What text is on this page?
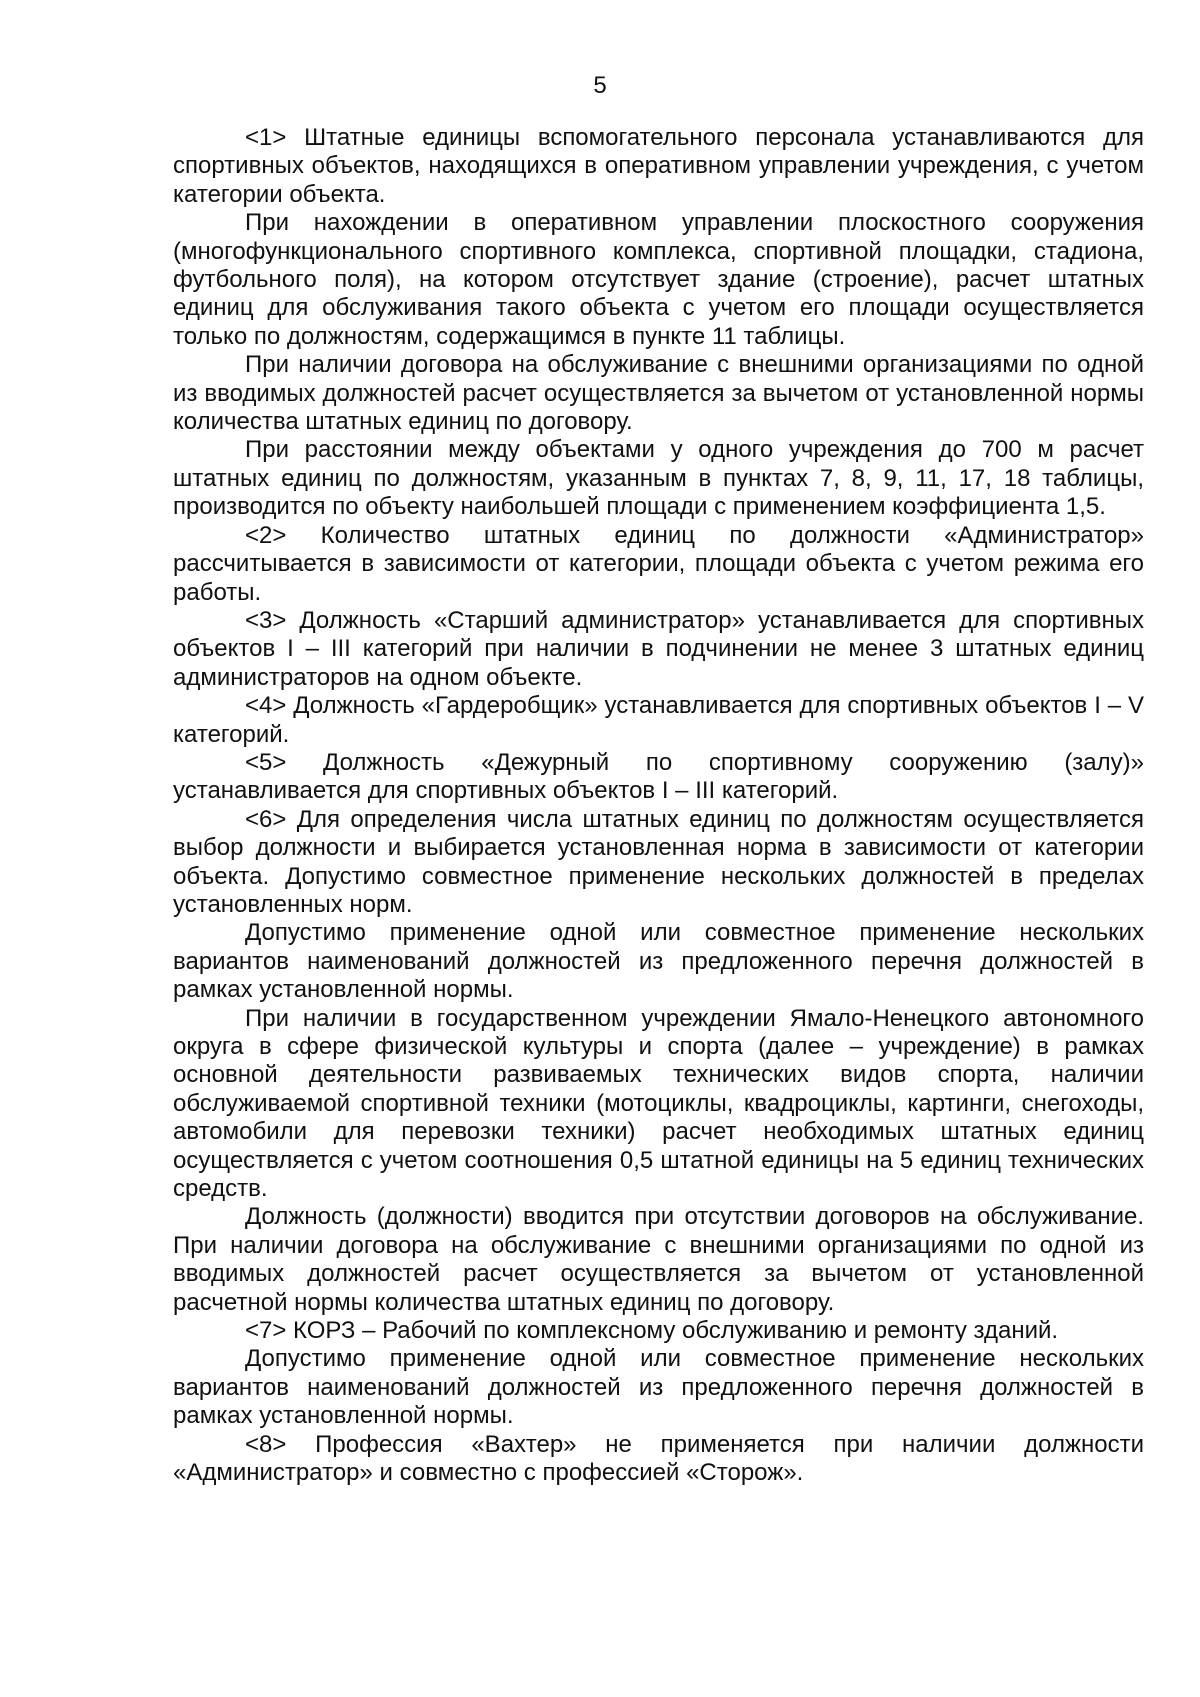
5

<1> Штатные единицы вспомогательного персонала устанавливаются для спортивных объектов, находящихся в оперативном управлении учреждения, с учетом категории объекта.

При нахождении в оперативном управлении плоскостного сооружения (многофункционального спортивного комплекса, спортивной площадки, стадиона, футбольного поля), на котором отсутствует здание (строение), расчет штатных единиц для обслуживания такого объекта с учетом его площади осуществляется только по должностям, содержащимся в пункте 11 таблицы.

При наличии договора на обслуживание с внешними организациями по одной из вводимых должностей расчет осуществляется за вычетом от установленной нормы количества штатных единиц по договору.

При расстоянии между объектами у одного учреждения до 700 м расчет штатных единиц по должностям, указанным в пунктах 7, 8, 9, 11, 17, 18 таблицы, производится по объекту наибольшей площади с применением коэффициента 1,5.

<2> Количество штатных единиц по должности «Администратор» рассчитывается в зависимости от категории, площади объекта с учетом режима его работы.

<3> Должность «Старший администратор» устанавливается для спортивных объектов I – III категорий при наличии в подчинении не менее 3 штатных единиц администраторов на одном объекте.

<4> Должность «Гардеробщик» устанавливается для спортивных объектов I – V категорий.

<5> Должность «Дежурный по спортивному сооружению (залу)» устанавливается для спортивных объектов I – III категорий.

<6> Для определения числа штатных единиц по должностям осуществляется выбор должности и выбирается установленная норма в зависимости от категории объекта. Допустимо совместное применение нескольких должностей в пределах установленных норм.

Допустимо применение одной или совместное применение нескольких вариантов наименований должностей из предложенного перечня должностей в рамках установленной нормы.

При наличии в государственном учреждении Ямало-Ненецкого автономного округа в сфере физической культуры и спорта (далее – учреждение) в рамках основной деятельности развиваемых технических видов спорта, наличии обслуживаемой спортивной техники (мотоциклы, квадроциклы, картинги, снегоходы, автомобили для перевозки техники) расчет необходимых штатных единиц осуществляется с учетом соотношения 0,5 штатной единицы на 5 единиц технических средств.

Должность (должности) вводится при отсутствии договоров на обслуживание. При наличии договора на обслуживание с внешними организациями по одной из вводимых должностей расчет осуществляется за вычетом от установленной расчетной нормы количества штатных единиц по договору.

<7> КОРЗ – Рабочий по комплексному обслуживанию и ремонту зданий.

Допустимо применение одной или совместное применение нескольких вариантов наименований должностей из предложенного перечня должностей в рамках установленной нормы.

<8> Профессия «Вахтер» не применяется при наличии должности «Администратор» и совместно с профессией «Сторож».
